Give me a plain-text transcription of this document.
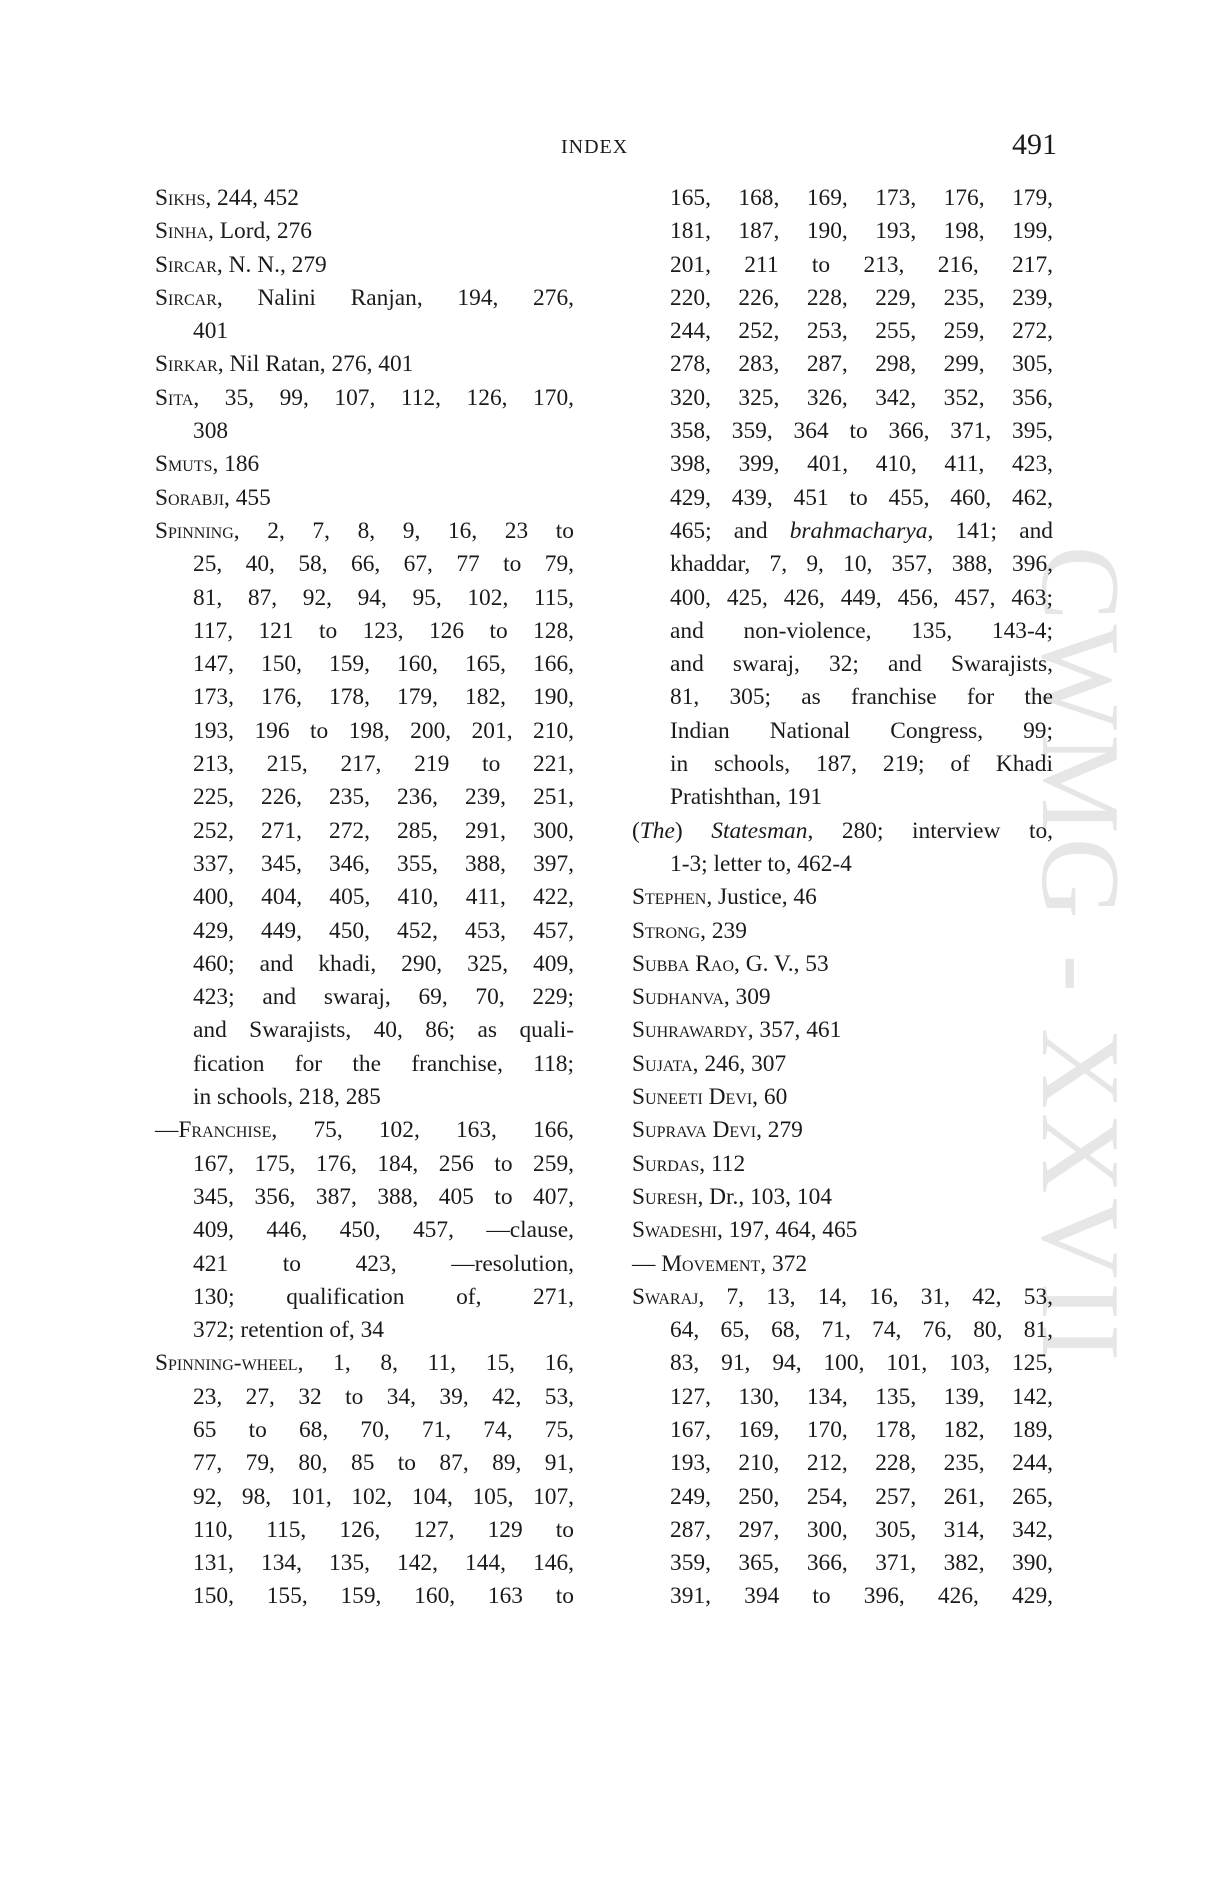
INDEX	491
CWMG - XXVII
Sikhs, 244, 452
Sinha, Lord, 276
Sircar, N. N., 279
Sircar, Nalini Ranjan, 194, 276,
401
Sirkar, Nil Ratan, 276, 401
Sita, 35, 99, 107, 112, 126, 170,
308
Smuts, 186
Sorabji, 455
Spinning, 2, 7, 8, 9, 16, 23 to
25, 40, 58, 66, 67, 77 to 79,
81, 87, 92, 94, 95, 102, 115,
117, 121 to 123, 126 to 128,
147, 150, 159, 160, 165, 166,
173, 176, 178, 179, 182, 190,
193, 196 to 198, 200, 201, 210,
213, 215, 217, 219 to 221,
225, 226, 235, 236, 239, 251,
252, 271, 272, 285, 291, 300,
337, 345, 346, 355, 388, 397,
400, 404, 405, 410, 411, 422,
429, 449, 450, 452, 453, 457,
460; and khadi, 290, 325, 409,
423; and swaraj, 69, 70, 229;
and Swarajists, 40, 86; as quali-
fication for the franchise, 118;
in schools, 218, 285
—Franchise, 75, 102, 163, 166,
167, 175, 176, 184, 256 to 259,
345, 356, 387, 388, 405 to 407,
409, 446, 450, 457, —clause,
421 to 423, —resolution,
130; qualification of, 271,
372; retention of, 34
Spinning-wheel, 1, 8, 11, 15, 16,
23, 27, 32 to 34, 39, 42, 53,
65 to 68, 70, 71, 74, 75,
77, 79, 80, 85 to 87, 89, 91,
92, 98, 101, 102, 104, 105, 107,
110, 115, 126, 127, 129 to
131, 134, 135, 142, 144, 146,
150, 155, 159, 160, 163 to
165, 168, 169, 173, 176, 179,
181, 187, 190, 193, 198, 199,
201, 211 to 213, 216, 217,
220, 226, 228, 229, 235, 239,
244, 252, 253, 255, 259, 272,
278, 283, 287, 298, 299, 305,
320, 325, 326, 342, 352, 356,
358, 359, 364 to 366, 371, 395,
398, 399, 401, 410, 411, 423,
429, 439, 451 to 455, 460, 462,
465; and brahmacharya, 141; and
khaddar, 7, 9, 10, 357, 388, 396,
400, 425, 426, 449, 456, 457, 463;
and non-violence, 135, 143-4;
and swaraj, 32; and Swarajists,
81, 305; as franchise for the
Indian National Congress, 99;
in schools, 187, 219; of Khadi
Pratishthan, 191
(The) Statesman, 280; interview to,
1-3; letter to, 462-4
Stephen, Justice, 46
Strong, 239
Subba Rao, G. V., 53
Sudhanva, 309
Suhrawardy, 357, 461
Sujata, 246, 307
Suneeti Devi, 60
Suprava Devi, 279
Surdas, 112
Suresh, Dr., 103, 104
Swadeshi, 197, 464, 465
— Movement, 372
Swaraj, 7, 13, 14, 16, 31, 42, 53,
64, 65, 68, 71, 74, 76, 80, 81,
83, 91, 94, 100, 101, 103, 125,
127, 130, 134, 135, 139, 142,
167, 169, 170, 178, 182, 189,
193, 210, 212, 228, 235, 244,
249, 250, 254, 257, 261, 265,
287, 297, 300, 305, 314, 342,
359, 365, 366, 371, 382, 390,
391, 394 to 396, 426, 429,
